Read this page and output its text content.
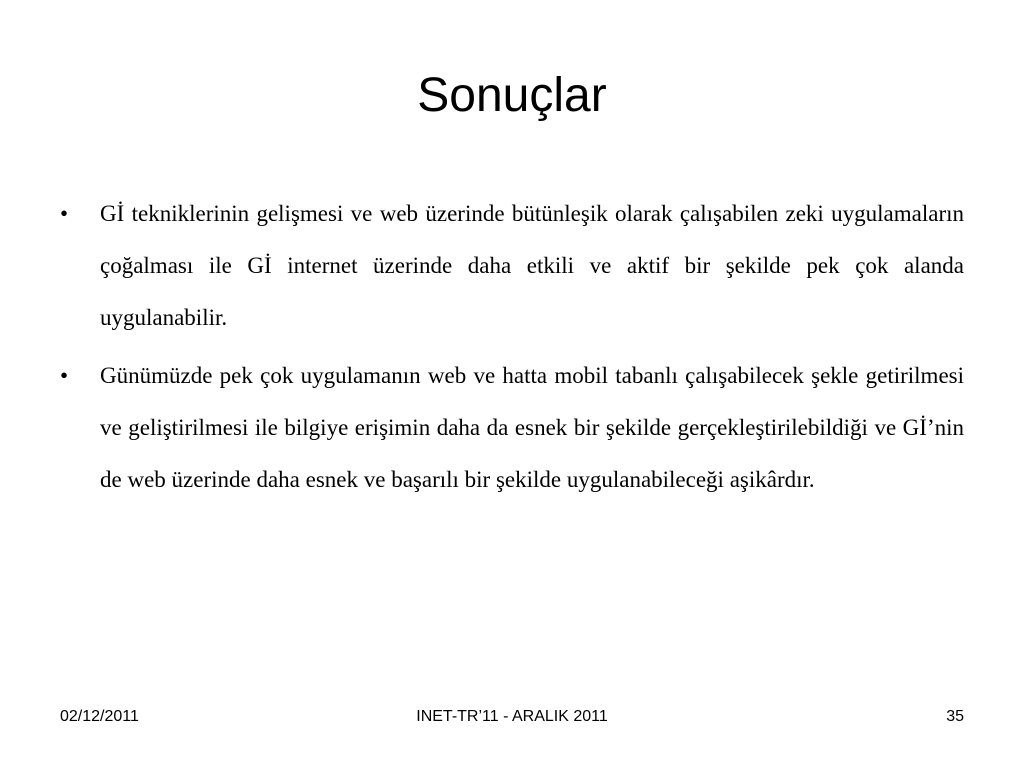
Sonuçlar
• Gİ tekniklerinin gelişmesi ve web üzerinde bütünleşik olarak çalışabilen zeki uygulamaların çoğalması ile Gİ internet üzerinde daha etkili ve aktif bir şekilde pek çok alanda uygulanabilir.
• Günümüzde pek çok uygulamanın web ve hatta mobil tabanlı çalışabilecek şekle getirilmesi ve geliştirilmesi ile bilgiye erişimin daha da esnek bir şekilde gerçekleştirilebildiği ve Gİ’nin de web üzerinde daha esnek ve başarılı bir şekilde uygulanabileceği aşikârdır.
02/12/2011	INET-TR’11 - ARALIK 2011	35
